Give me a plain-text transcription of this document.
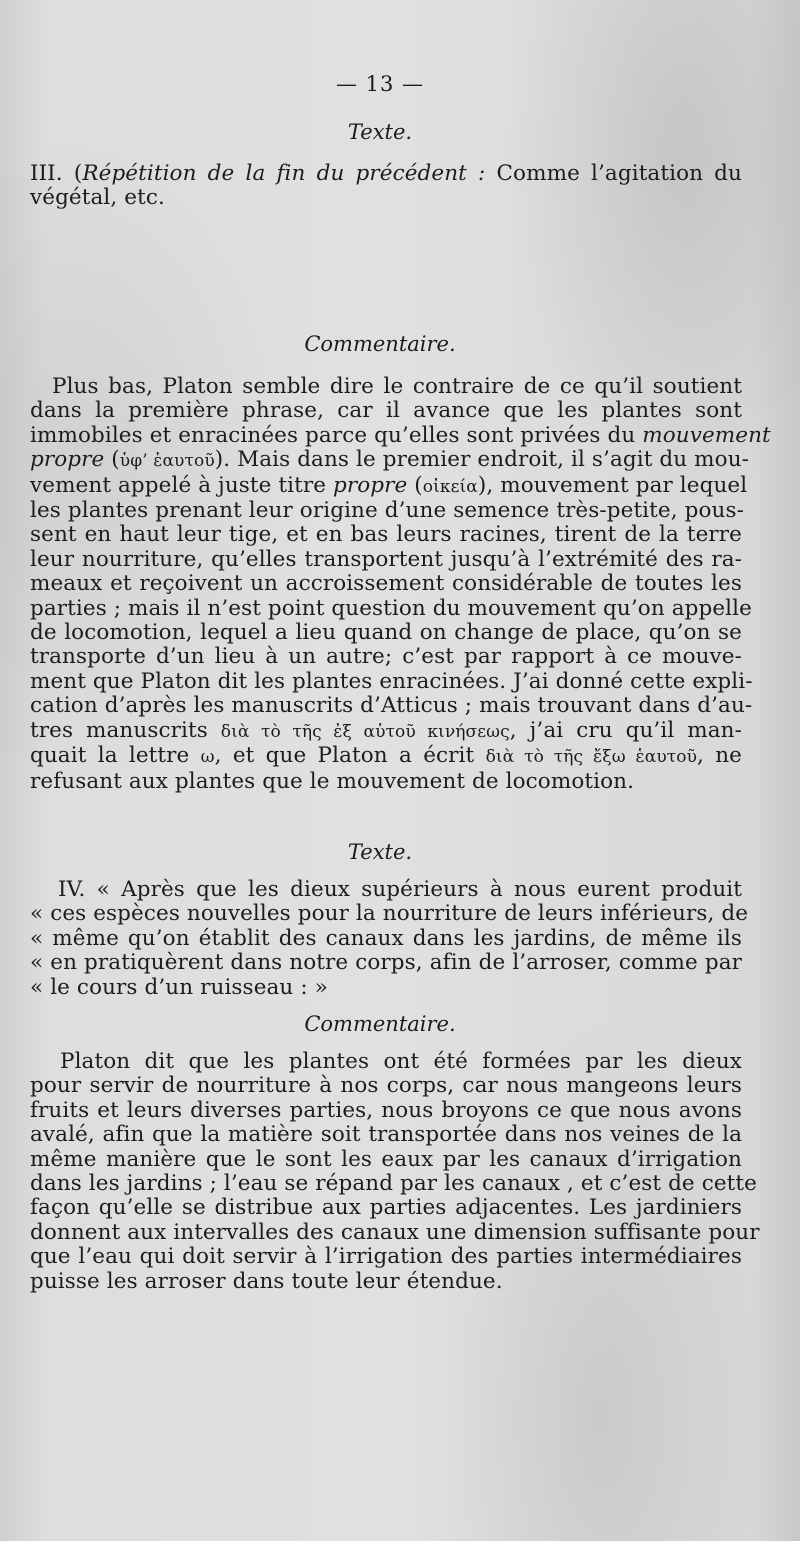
— 13 —

Texte.

III. (Répétition de la fin du précédent : Comme l’agitation du
végétal, etc.

Commentaire.

Plus bas, Platon semble dire le contraire de ce qu’il soutient
dans la première phrase, car il avance que les plantes sont
immobiles et enracinées parce qu’elles sont privées du mouvement
propre (ὑφ’ ἑαυτοῦ). Mais dans le premier endroit, il s’agit du mou-
vement appelé à juste titre propre (οἰκεία), mouvement par lequel
les plantes prenant leur origine d’une semence très-petite, pous-
sent en haut leur tige, et en bas leurs racines, tirent de la terre
leur nourriture, qu’elles transportent jusqu’à l’extrémité des ra-
meaux et reçoivent un accroissement considérable de toutes les
parties ; mais il n’est point question du mouvement qu’on appelle
de locomotion, lequel a lieu quand on change de place, qu’on se
transporte d’un lieu à un autre; c’est par rapport à ce mouve-
ment que Platon dit les plantes enracinées. J’ai donné cette expli-
cation d’après les manuscrits d’Atticus ; mais trouvant dans d’au-
tres manuscrits διὰ τὸ τῆς ἐξ αὐτοῦ κινήσεως, j’ai cru qu’il man-
quait la lettre ω, et que Platon a écrit διὰ τὸ τῆς ἔξω ἑαυτοῦ, ne
refusant aux plantes que le mouvement de locomotion.

Texte.

IV. « Après que les dieux supérieurs à nous eurent produit
« ces espèces nouvelles pour la nourriture de leurs inférieurs, de
« même qu’on établit des canaux dans les jardins, de même ils
« en pratiquèrent dans notre corps, afin de l’arroser, comme par
« le cours d’un ruisseau : »

Commentaire.

Platon dit que les plantes ont été formées par les dieux
pour servir de nourriture à nos corps, car nous mangeons leurs
fruits et leurs diverses parties, nous broyons ce que nous avons
avalé, afin que la matière soit transportée dans nos veines de la
même manière que le sont les eaux par les canaux d’irrigation
dans les jardins ; l’eau se répand par les canaux , et c’est de cette
façon qu’elle se distribue aux parties adjacentes. Les jardiniers
donnent aux intervalles des canaux une dimension suffisante pour
que l’eau qui doit servir à l’irrigation des parties intermédiaires
puisse les arroser dans toute leur étendue.
